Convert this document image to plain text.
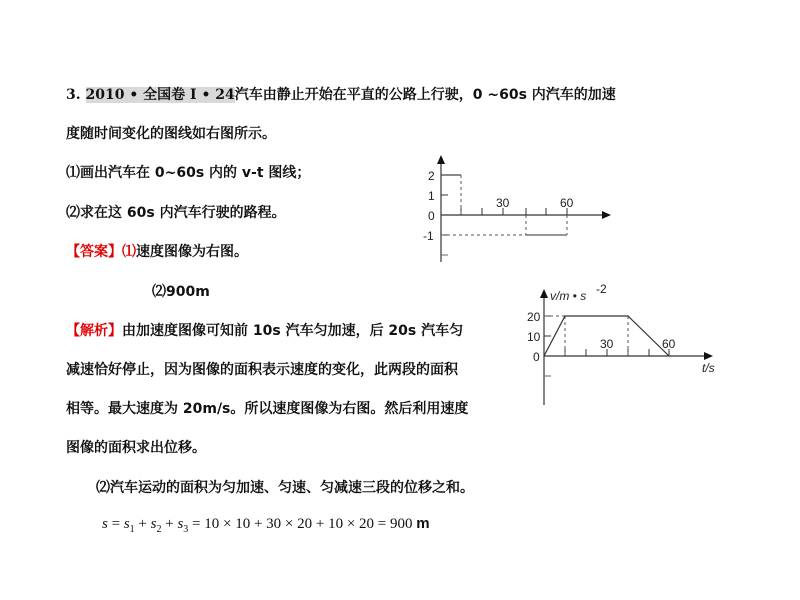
3. 2010 • 全国卷 Ⅰ • 24汽车由静止开始在平直的公路上行驶，0 ~60s 内汽车的加速
度随时间变化的图线如右图所示。
⑴画出汽车在 0~60s 内的 v-t 图线；
⑵求在这 60s 内汽车行驶的路程。
【答案】⑴速度图像为右图。
⑵900m
【解析】由加速度图像可知前 10s 汽车匀加速，后 20s 汽车匀
减速恰好停止，因为图像的面积表示速度的变化，此两段的面积
相等。最大速度为 20m/s。所以速度图像为右图。然后利用速度
图像的面积求出位移。
⑵汽车运动的面积为匀加速、匀速、匀减速三段的位移之和。
$s = s_1 + s_2 + s_3 = 10 \times 10 + 30 \times 20 + 10 \times 20 = 900$ m
2
1
0
-1
30	60
v/m • s -2
20
10
0
30	60
t/s
